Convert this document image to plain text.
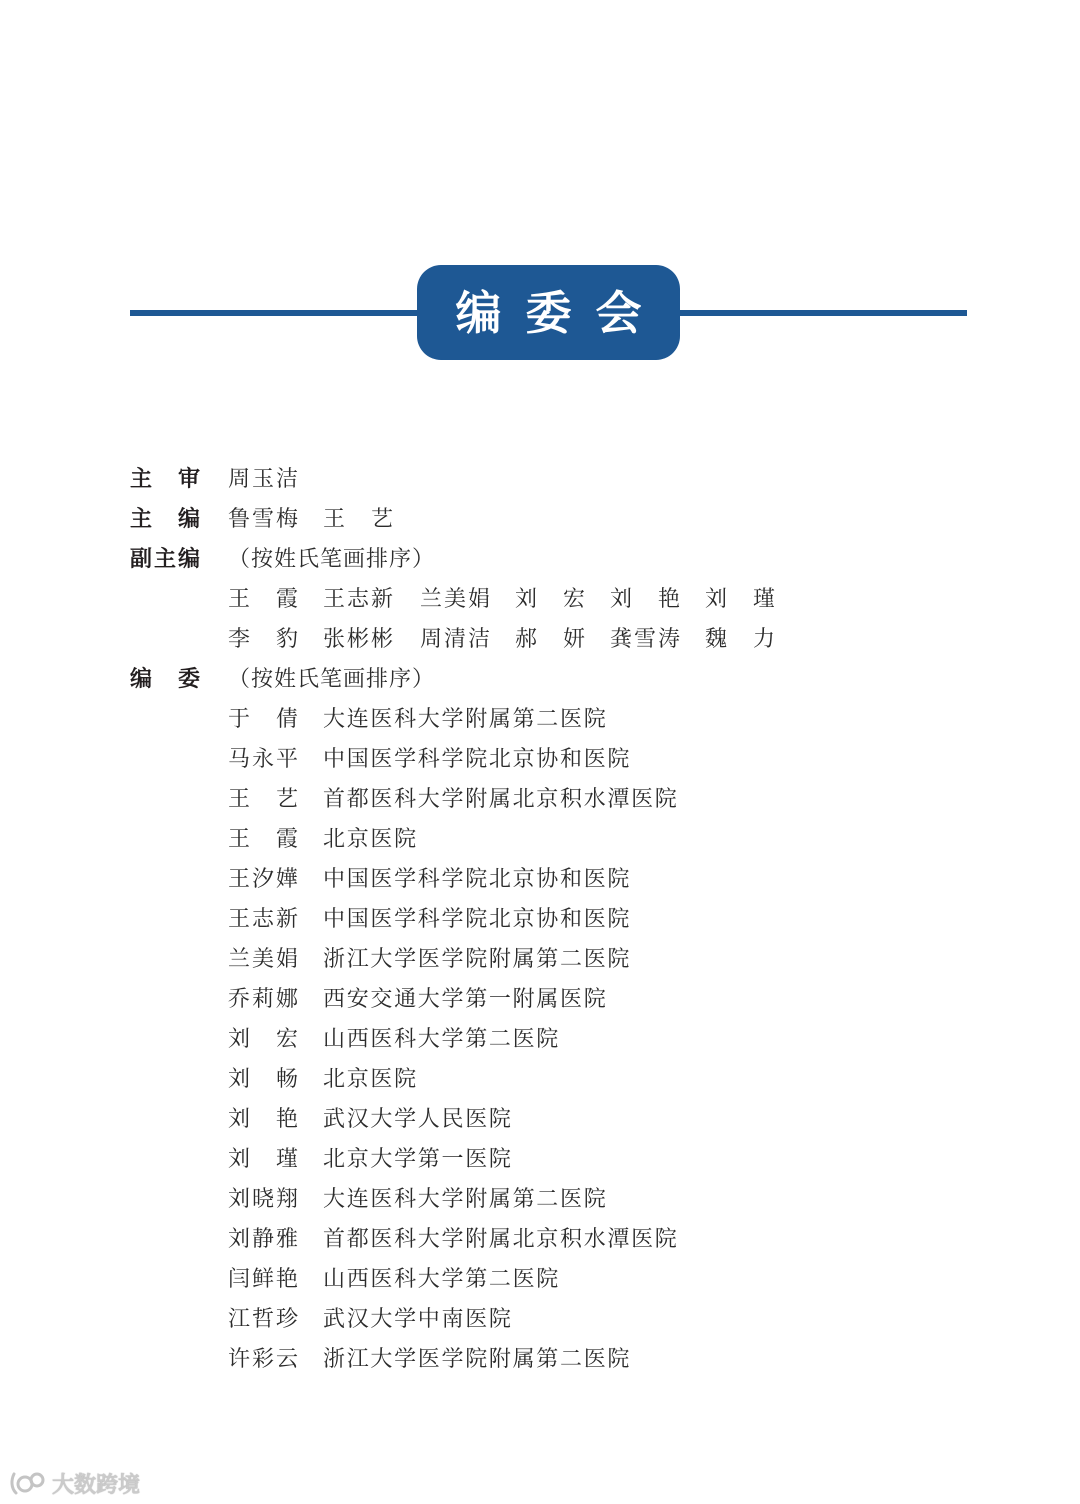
编委会
主 审 周玉洁
主 编 鲁雪梅 王 艺
副主编 （按姓氏笔画排序）
王 霞 王志新 兰美娟 刘 宏 刘 艳 刘 瑾
李 豹 张彬彬 周清洁 郝 妍 龚雪涛 魏 力
编 委 （按姓氏笔画排序）
于 倩 大连医科大学附属第二医院
马永平 中国医学科学院北京协和医院
王 艺 首都医科大学附属北京积水潭医院
王 霞 北京医院
王汐嬅 中国医学科学院北京协和医院
王志新 中国医学科学院北京协和医院
兰美娟 浙江大学医学院附属第二医院
乔莉娜 西安交通大学第一附属医院
刘 宏 山西医科大学第二医院
刘 畅 北京医院
刘 艳 武汉大学人民医院
刘 瑾 北京大学第一医院
刘晓翔 大连医科大学附属第二医院
刘静雅 首都医科大学附属北京积水潭医院
闫鲜艳 山西医科大学第二医院
江哲珍 武汉大学中南医院
许彩云 浙江大学医学院附属第二医院
大数跨境
